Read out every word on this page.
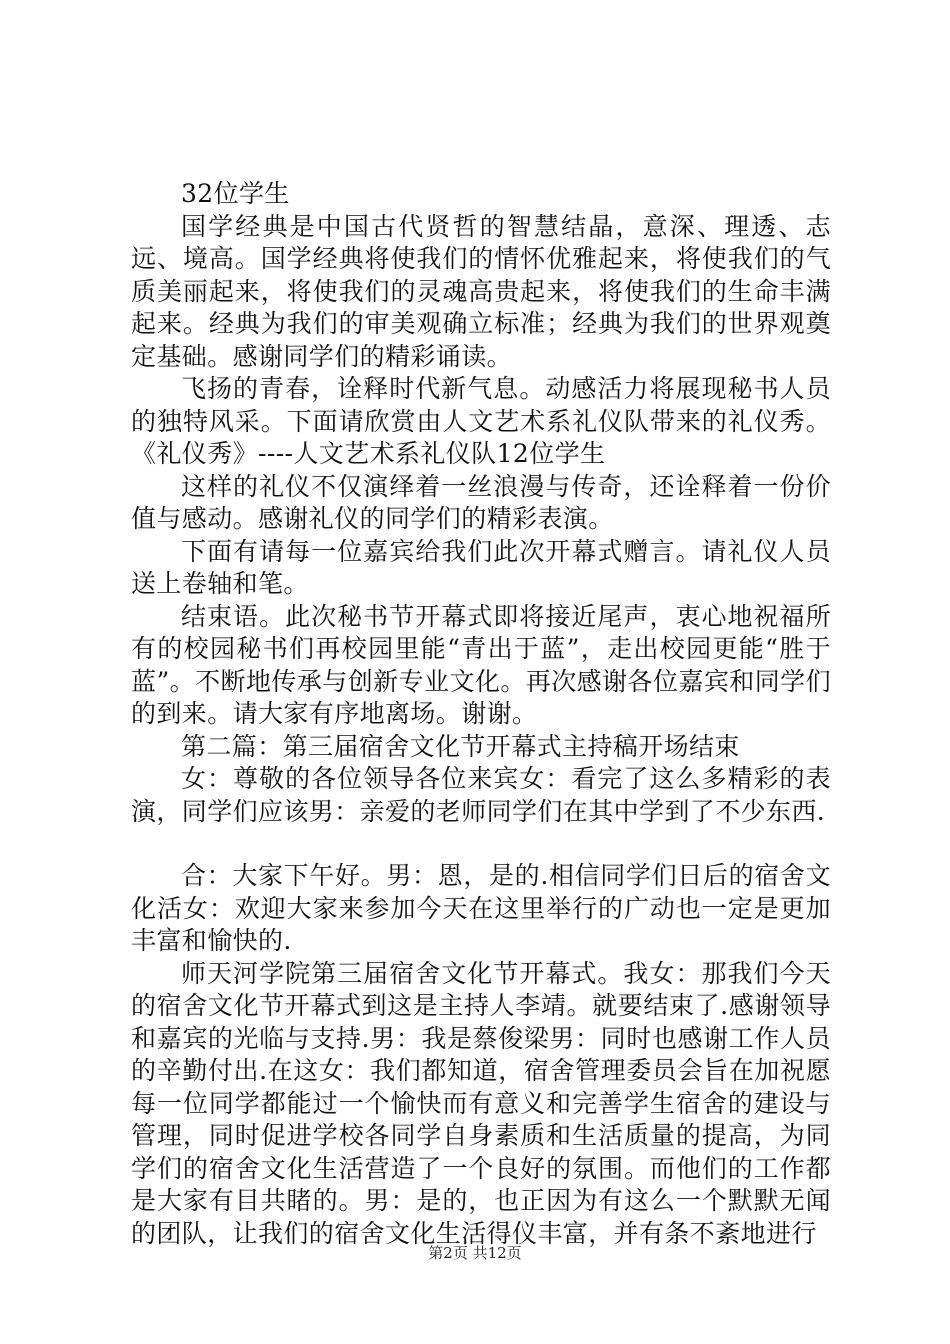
32位学生

国学经典是中国古代贤哲的智慧结晶，意深、理透、志远、境高。国学经典将使我们的情怀优雅起来，将使我们的气质美丽起来，将使我们的灵魂高贵起来，将使我们的生命丰满起来。经典为我们的审美观确立标准；经典为我们的世界观奠定基础。感谢同学们的精彩诵读。

飞扬的青春，诠释时代新气息。动感活力将展现秘书人员的独特风采。下面请欣赏由人文艺术系礼仪队带来的礼仪秀。《礼仪秀》----人文艺术系礼仪队12位学生

这样的礼仪不仅演绎着一丝浪漫与传奇，还诠释着一份价值与感动。感谢礼仪的同学们的精彩表演。

下面有请每一位嘉宾给我们此次开幕式赠言。请礼仪人员送上卷轴和笔。

结束语。此次秘书节开幕式即将接近尾声，衷心地祝福所有的校园秘书们再校园里能“青出于蓝”，走出校园更能“胜于蓝”。不断地传承与创新专业文化。再次感谢各位嘉宾和同学们的到来。请大家有序地离场。谢谢。

第二篇：第三届宿舍文化节开幕式主持稿开场结束

女：尊敬的各位领导各位来宾女：看完了这么多精彩的表演，同学们应该男：亲爱的老师同学们在其中学到了不少东西.

合：大家下午好。男：恩，是的.相信同学们日后的宿舍文化活女：欢迎大家来参加今天在这里举行的广动也一定是更加丰富和愉快的.

师天河学院第三届宿舍文化节开幕式。我女：那我们今天的宿舍文化节开幕式到这是主持人李靖。就要结束了.感谢领导和嘉宾的光临与支持.男：我是蔡俊梁男：同时也感谢工作人员的辛勤付出.在这女：我们都知道，宿舍管理委员会旨在加祝愿每一位同学都能过一个愉快而有意义和完善学生宿舍的建设与管理，同时促进学校各同学自身素质和生活质量的提高，为同学们的宿舍文化生活营造了一个良好的氛围。而他们的工作都是大家有目共睹的。男：是的，也正因为有这么一个默默无闻的团队，让我们的宿舍文化生活得仪丰富，并有条不紊地进行

第2页 共12页
